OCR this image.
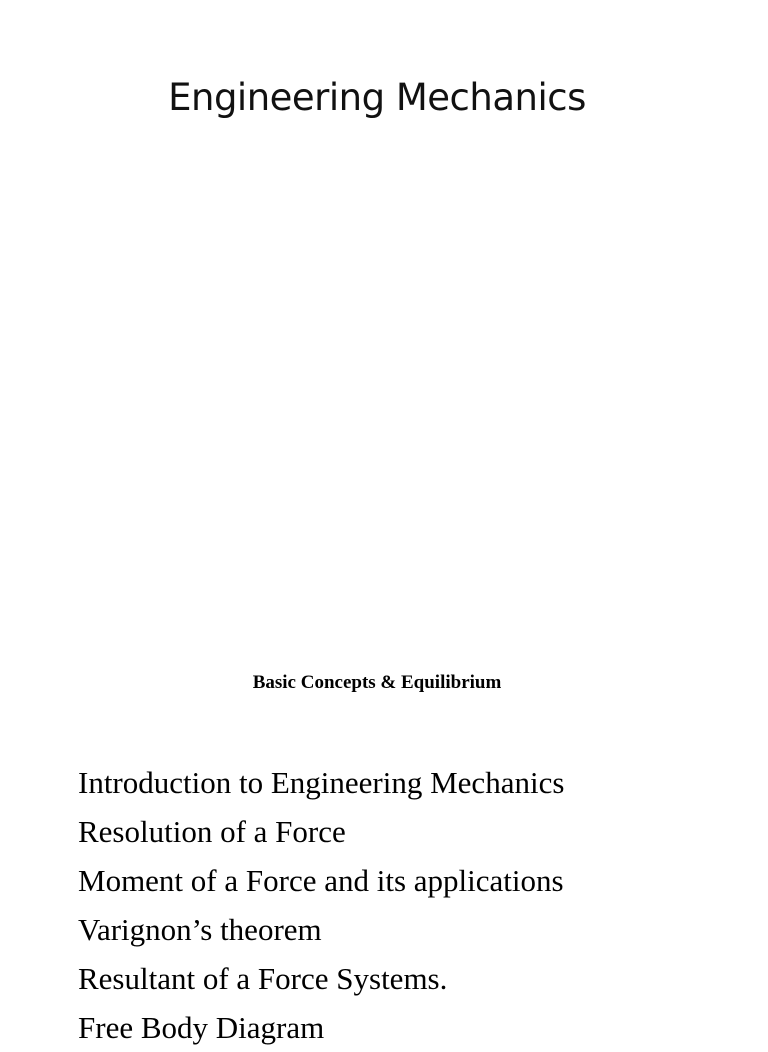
Engineering Mechanics
Basic Concepts & Equilibrium
Introduction to Engineering Mechanics
Resolution of a Force
Moment of a Force and its applications
Varignon’s theorem
Resultant of a Force Systems.
Free Body Diagram
